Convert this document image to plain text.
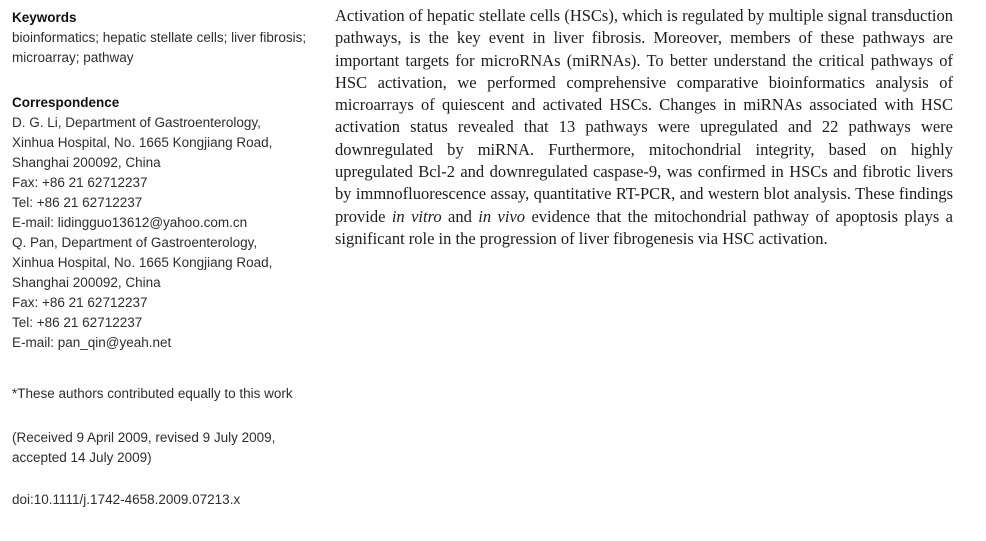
Keywords
bioinformatics; hepatic stellate cells; liver fibrosis; microarray; pathway
Correspondence
D. G. Li, Department of Gastroenterology,
Xinhua Hospital, No. 1665 Kongjiang Road,
Shanghai 200092, China
Fax: +86 21 62712237
Tel: +86 21 62712237
E-mail: lidingguo13612@yahoo.com.cn
Q. Pan, Department of Gastroenterology,
Xinhua Hospital, No. 1665 Kongjiang Road,
Shanghai 200092, China
Fax: +86 21 62712237
Tel: +86 21 62712237
E-mail: pan_qin@yeah.net
*These authors contributed equally to this work
(Received 9 April 2009, revised 9 July 2009, accepted 14 July 2009)
doi:10.1111/j.1742-4658.2009.07213.x
Activation of hepatic stellate cells (HSCs), which is regulated by multiple signal transduction pathways, is the key event in liver fibrosis. Moreover, members of these pathways are important targets for microRNAs (miRNAs). To better understand the critical pathways of HSC activation, we performed comprehensive comparative bioinformatics analysis of microarrays of quiescent and activated HSCs. Changes in miRNAs associated with HSC activation status revealed that 13 pathways were upregulated and 22 pathways were downregulated by miRNA. Furthermore, mitochondrial integrity, based on highly upregulated Bcl-2 and downregulated caspase-9, was confirmed in HSCs and fibrotic livers by immnofluorescence assay, quantitative RT-PCR, and western blot analysis. These findings provide in vitro and in vivo evidence that the mitochondrial pathway of apoptosis plays a significant role in the progression of liver fibrogenesis via HSC activation.
